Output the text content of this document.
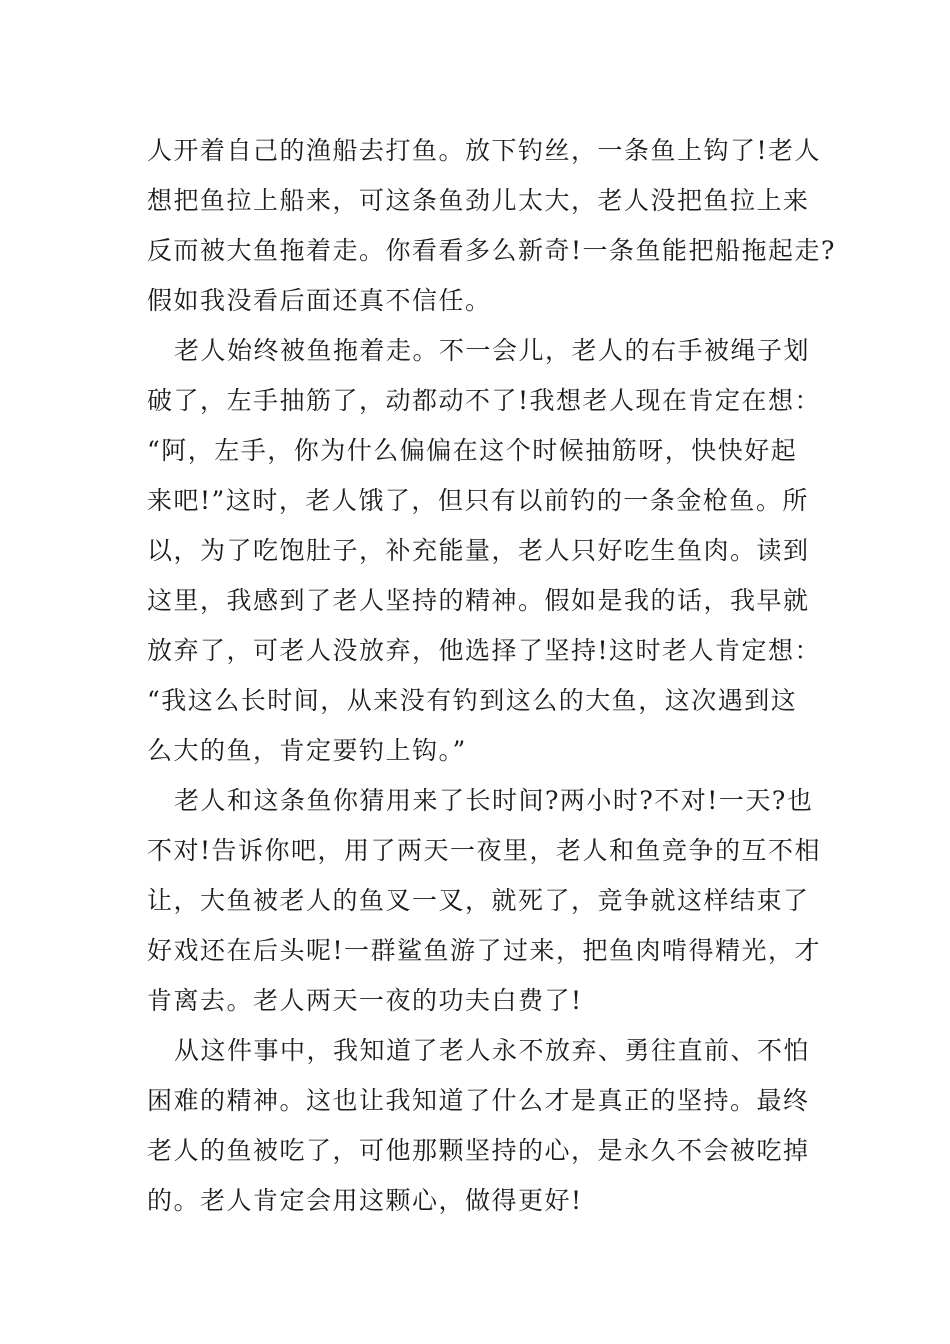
人开着自己的渔船去打鱼。放下钓丝，一条鱼上钩了!老人
想把鱼拉上船来，可这条鱼劲儿太大，老人没把鱼拉上来
反而被大鱼拖着走。你看看多么新奇!一条鱼能把船拖起走?
假如我没看后面还真不信任。
老人始终被鱼拖着走。不一会儿，老人的右手被绳子划
破了，左手抽筋了，动都动不了!我想老人现在肯定在想：
“阿，左手，你为什么偏偏在这个时候抽筋呀，快快好起
来吧!”这时，老人饿了，但只有以前钓的一条金枪鱼。所
以，为了吃饱肚子，补充能量，老人只好吃生鱼肉。读到
这里，我感到了老人坚持的精神。假如是我的话，我早就
放弃了，可老人没放弃，他选择了坚持!这时老人肯定想：
“我这么长时间，从来没有钓到这么的大鱼，这次遇到这
么大的鱼，肯定要钓上钩。”
老人和这条鱼你猜用来了长时间?两小时?不对!一天?也
不对!告诉你吧，用了两天一夜里，老人和鱼竞争的互不相
让，大鱼被老人的鱼叉一叉，就死了，竞争就这样结束了
好戏还在后头呢!一群鲨鱼游了过来，把鱼肉啃得精光，才
肯离去。老人两天一夜的功夫白费了!
从这件事中，我知道了老人永不放弃、勇往直前、不怕
困难的精神。这也让我知道了什么才是真正的坚持。最终
老人的鱼被吃了，可他那颗坚持的心，是永久不会被吃掉
的。老人肯定会用这颗心，做得更好!
